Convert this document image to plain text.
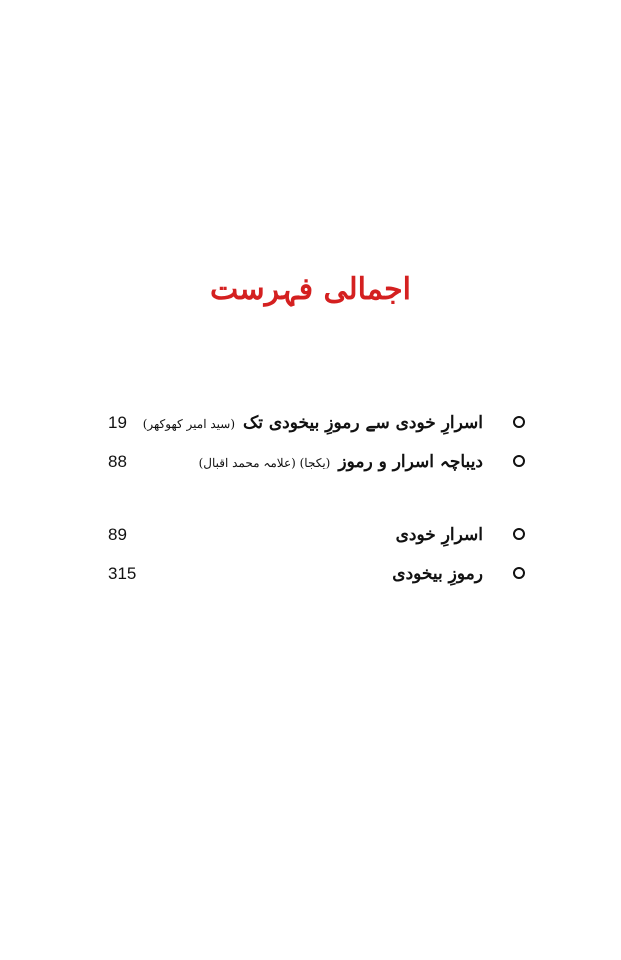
اجمالی فہرست
اسرارِ خودی سے رموزِ بیخودی تک(سید امیر کھوکھر)
19
دیباچہ اسرار و رموز(یکجا) (علامہ محمد اقبال)
88
اسرارِ خودی
89
رموزِ بیخودی
315
